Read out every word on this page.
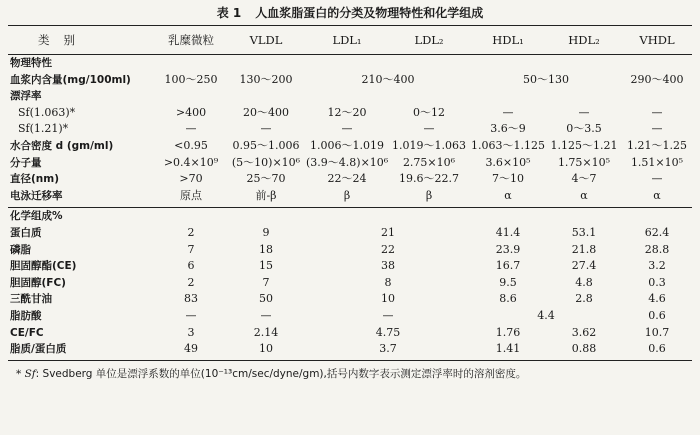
表 1 人血浆脂蛋白的分类及物理特性和化学组成
类别	乳糜微粒	VLDL	LDL₁	LDL₂	HDL₁	HDL₂	VHDL
物理特性							
血浆内含量(mg/100ml)	100～250	130～200	210～400		50～130		290～400
漂浮率							
Sf(1.063)*	>400	20～400	12～20	0～12	—	—	—
Sf(1.21)*	—	—	—	—	3.6～9	0～3.5	—
水合密度 d (gm/ml)	<0.95	0.95～1.006	1.006～1.019	1.019～1.063	1.063～1.125	1.125～1.21	1.21～1.25
分子量	>0.4×10⁹	(5～10)×10⁶	(3.9～4.8)×10⁶	2.75×10⁶	3.6×10⁵	1.75×10⁵	1.51×10⁵
直径(nm)	>70	25～70	22～24	19.6～22.7	7～10	4～7	—
电泳迁移率	原点	前-β	β	β	α	α	α
化学组成%						
蛋白质	2	9	21	41.4	53.1	62.4
磷脂	7	18	22	23.9	21.8	28.8
胆固醇酯(CE)	6	15	38	16.7	27.4	3.2
胆固醇(FC)	2	7	8	9.5	4.8	0.3
三酰甘油	83	50	10	8.6	2.8	4.6
脂肪酸	—	—	—	4.4		0.6
CE/FC	3	2.14	4.75	1.76	3.62	10.7
脂质/蛋白质	49	10	3.7	1.41	0.88	0.6
* Sf: Svedberg 单位是漂浮系数的单位(10⁻¹³cm/sec/dyne/gm),括号内数字表示测定漂浮率时的溶剂密度。
